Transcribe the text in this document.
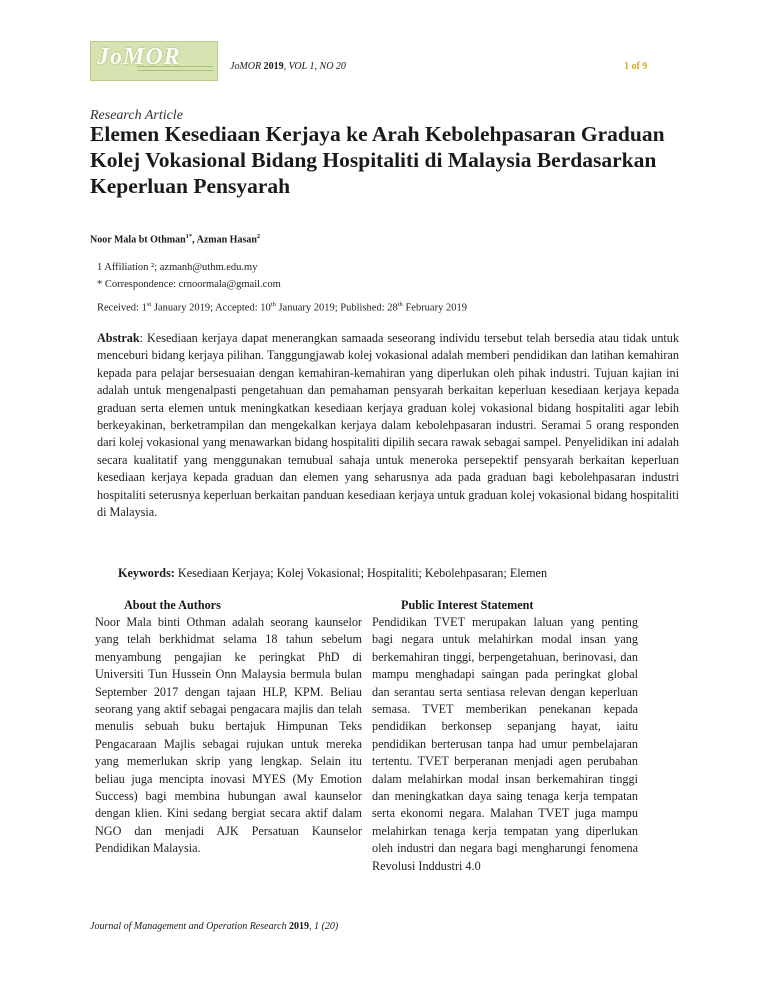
JoMOR	JoMOR 2019, VOL 1, NO 20	1 of 9
Research Article
Elemen Kesediaan Kerjaya ke Arah Kebolehpasaran Graduan Kolej Vokasional Bidang Hospitaliti di Malaysia Berdasarkan Keperluan Pensyarah
Noor Mala bt Othman$^{1*}$, Azman Hasan$^2$
1 Affiliation ²; azmanh@uthm.edu.my
* Correspondence: crnoormala@gmail.com
Received: 1st January 2019; Accepted: 10th January 2019; Published: 28th February 2019
Abstrak: Kesediaan kerjaya dapat menerangkan samaada seseorang individu tersebut telah bersedia atau tidak untuk menceburi bidang kerjaya pilihan. Tanggungjawab kolej vokasional adalah memberi pendidikan dan latihan kemahiran kepada para pelajar bersesuaian dengan kemahiran-kemahiran yang diperlukan oleh pihak industri. Tujuan kajian ini adalah untuk mengenalpasti pengetahuan dan pemahaman pensyarah berkaitan keperluan kesediaan kerjaya kepada graduan serta elemen untuk meningkatkan kesediaan kerjaya graduan kolej vokasional bidang hospitaliti agar lebih berkeyakinan, berketrampilan dan mengekalkan kerjaya dalam kebolehpasaran industri. Seramai 5 orang responden dari kolej vokasional yang menawarkan bidang hospitaliti dipilih secara rawak sebagai sampel. Penyelidikan ini adalah secara kualitatif yang menggunakan temubual sahaja untuk meneroka persepektif pensyarah berkaitan keperluan kesediaan kerjaya kepada graduan dan elemen yang seharusnya ada pada graduan bagi kebolehpasaran industri hospitaliti seterusnya keperluan berkaitan panduan kesediaan kerjaya untuk graduan kolej vokasional bidang hospitaliti di Malaysia.
Keywords: Kesediaan Kerjaya; Kolej Vokasional; Hospitaliti; Kebolehpasaran; Elemen
About the Authors	Public Interest Statement
Noor Mala binti Othman adalah seorang kaunselor yang telah berkhidmat selama 18 tahun sebelum menyambung pengajian ke peringkat PhD di Universiti Tun Hussein Onn Malaysia bermula bulan September 2017 dengan tajaan HLP, KPM. Beliau seorang yang aktif sebagai pengacara majlis dan telah menulis sebuah buku bertajuk Himpunan Teks Pengacaraan Majlis sebagai rujukan untuk mereka yang memerlukan skrip yang lengkap. Selain itu beliau juga mencipta inovasi MYES (My Emotion Success) bagi membina hubungan awal kaunselor dengan klien. Kini sedang bergiat secara aktif dalam NGO dan menjadi AJK Persatuan Kaunselor Pendidikan Malaysia.
Pendidikan TVET merupakan laluan yang penting bagi negara untuk melahirkan modal insan yang berkemahiran tinggi, berpengetahuan, berinovasi, dan mampu menghadapi saingan pada peringkat global dan serantau serta sentiasa relevan dengan keperluan semasa. TVET memberikan penekanan kepada pendidikan berkonsep sepanjang hayat, iaitu pendidikan berterusan tanpa had umur pembelajaran tertentu. TVET berperanan menjadi agen perubahan dalam melahirkan modal insan berkemahiran tinggi dan meningkatkan daya saing tenaga kerja tempatan serta ekonomi negara. Malahan TVET juga mampu melahirkan tenaga kerja tempatan yang diperlukan oleh industri dan negara bagi mengharungi fenomena Revolusi Inddustri 4.0
Journal of Management and Operation Research 2019, 1 (20)
